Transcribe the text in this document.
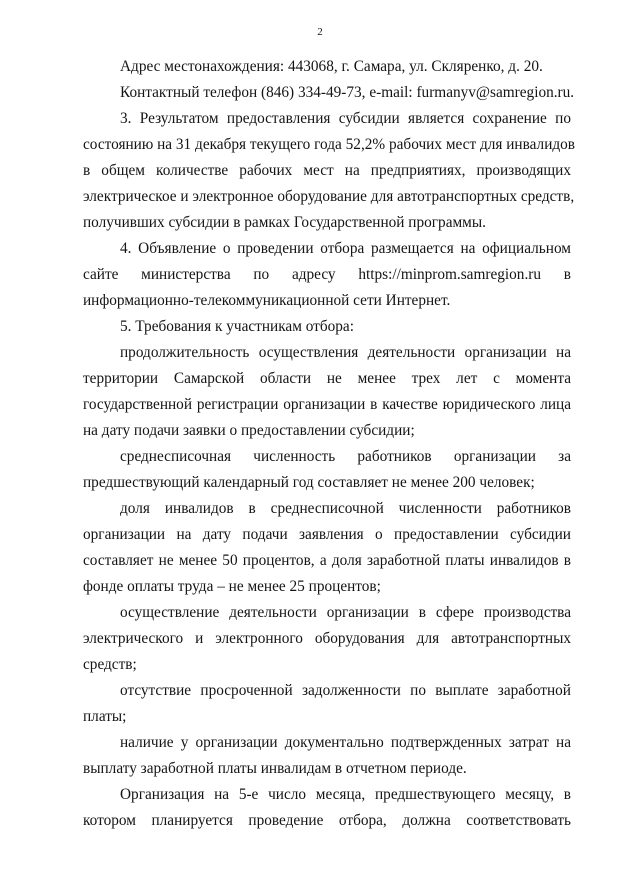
2
Адрес местонахождения: 443068, г. Самара, ул. Скляренко, д. 20.
Контактный телефон (846) 334-49-73, e-mail: furmanyv@samregion.ru.
3. Результатом предоставления субсидии является сохранение по
состоянию на 31 декабря текущего года 52,2% рабочих мест для инвалидов
в общем количестве рабочих мест на предприятиях, производящих
электрическое и электронное оборудование для автотранспортных средств,
получивших субсидии в рамках Государственной программы.
4. Объявление о проведении отбора размещается на официальном
сайте министерства по адресу https://minprom.samregion.ru в
информационно-телекоммуникационной сети Интернет.
5. Требования к участникам отбора:
продолжительность осуществления деятельности организации на
территории Самарской области не менее трех лет с момента
государственной регистрации организации в качестве юридического лица
на дату подачи заявки о предоставлении субсидии;
среднесписочная численность работников организации за
предшествующий календарный год составляет не менее 200 человек;
доля инвалидов в среднесписочной численности работников
организации на дату подачи заявления о предоставлении субсидии
составляет не менее 50 процентов, а доля заработной платы инвалидов в
фонде оплаты труда – не менее 25 процентов;
осуществление деятельности организации в сфере производства
электрического и электронного оборудования для автотранспортных
средств;
отсутствие просроченной задолженности по выплате заработной
платы;
наличие у организации документально подтвержденных затрат на
выплату заработной платы инвалидам в отчетном периоде.
Организация на 5-е число месяца, предшествующего месяцу, в
котором планируется проведение отбора, должна соответствовать
